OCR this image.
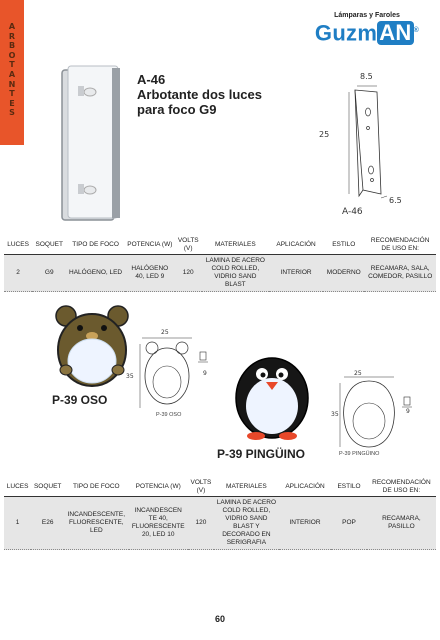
A
R
B
O
T
A
N
T
E
S
Lámparas y Faroles
GuzmAN ®
A-46
Arbotante dos luces para foco G9
8.5
25
6.5
A-46
LUCES	SOQUET	TIPO DE FOCO	POTENCIA (W)	VOLTS (V)	MATERIALES	APLICACIÓN	ESTILO	RECOMENDACIÓN DE USO EN:
2	G9	HALÓGENO, LED	HALÓGENO 40, LED 9	120	LAMINA DE ACERO COLD ROLLED, VIDRIO SAND BLAST	INTERIOR	MODERNO	RECAMARA, SALA, COMEDOR, PASILLO
P-39 OSO
25
35	9
P-39 OSO
P-39 PINGÜINO
25
35	9
P-39 PINGÜINO
LUCES	SOQUET	TIPO DE FOCO	POTENCIA (W)	VOLTS (V)	MATERIALES	APLICACIÓN	ESTILO	RECOMENDACIÓN DE USO EN:
1	E26	INCANDESCENTE, FLUORESCENTE, LED	INCANDESCEN TE 40, FLUORESCENTE 20, LED 10	120	LAMINA DE ACERO COLD ROLLED, VIDRIO SAND BLAST Y DECORADO EN SERIGRAFIA	INTERIOR	POP	RECAMARA, PASILLO
60
